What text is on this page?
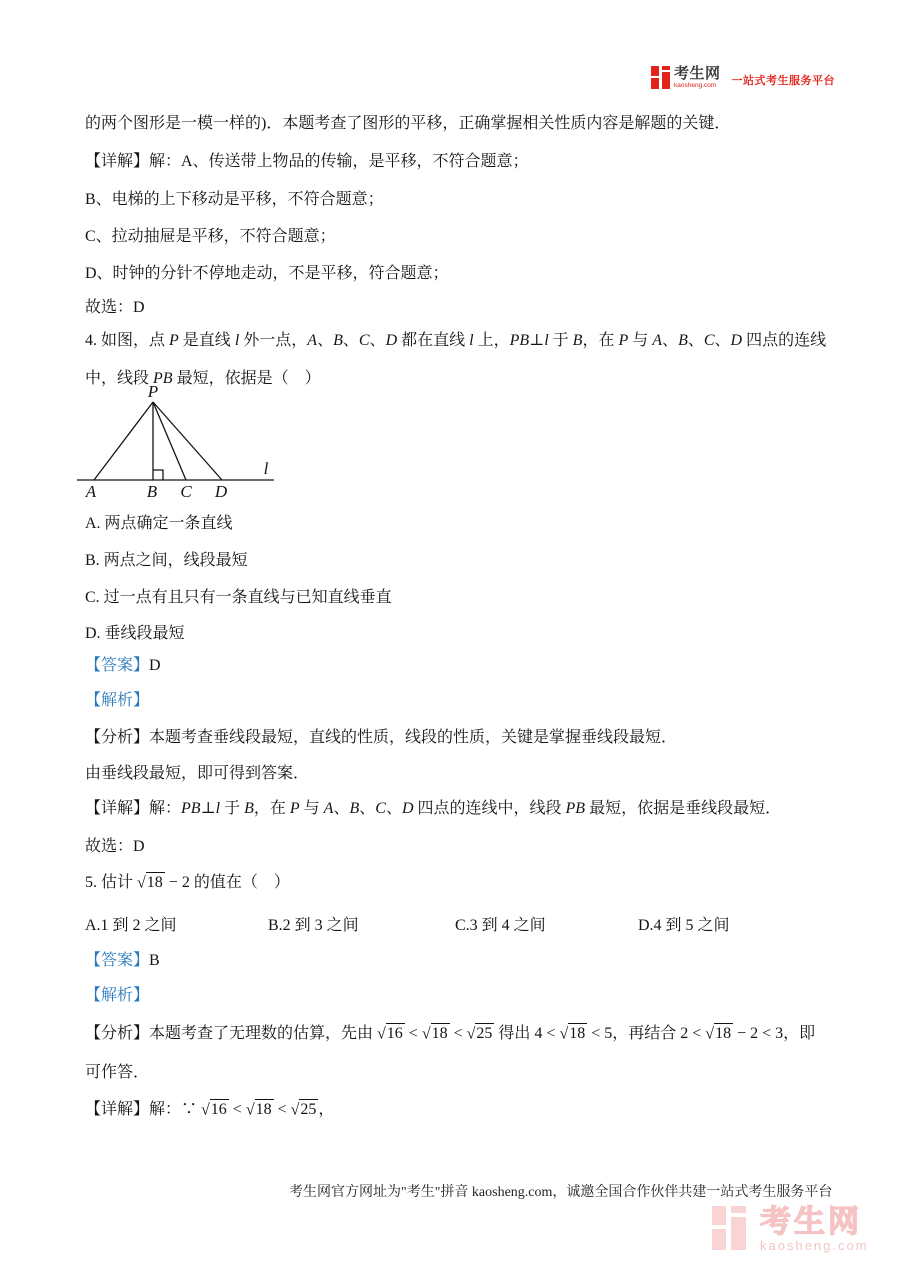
考生网
kaosheng.com 一站式考生服务平台
的两个图形是一模一样的)．本题考查了图形的平移，正确掌握相关性质内容是解题的关键．
【详解】解：A、传送带上物品的传输，是平移，不符合题意；
B、电梯的上下移动是平移，不符合题意；
C、拉动抽屉是平移，不符合题意；
D、时钟的分针不停地走动，不是平移，符合题意；
故选：D
4. 如图，点 P 是直线 l 外一点，A、B、C、D 都在直线 l 上，PB⊥l 于 B，在 P 与 A、B、C、D 四点的连线
中，线段 PB 最短，依据是（　）
P
A	B C D
l
A. 两点确定一条直线
B. 两点之间，线段最短
C. 过一点有且只有一条直线与已知直线垂直
D. 垂线段最短
【答案】D
【解析】
【分析】本题考查垂线段最短，直线的性质，线段的性质，关键是掌握垂线段最短．
由垂线段最短，即可得到答案．
【详解】解：PB⊥l 于 B，在 P 与 A、B、C、D 四点的连线中，线段 PB 最短，依据是垂线段最短．
故选：D
5. 估计 √18 − 2 的值在（　）
A.1 到 2 之间	B.2 到 3 之间	C.3 到 4 之间	D.4 到 5 之间
【答案】B
【解析】
【分析】本题考查了无理数的估算，先由 √16 < √18 < √25 得出 4 < √18 < 5，再结合 2 < √18 − 2 < 3，即
可作答．
【详解】解：∵ √16 < √18 < √25 ，
考生网官方网址为"考生"拼音 kaosheng.com，诚邀全国合作伙伴共建一站式考生服务平台
考生网
kaosheng.com
